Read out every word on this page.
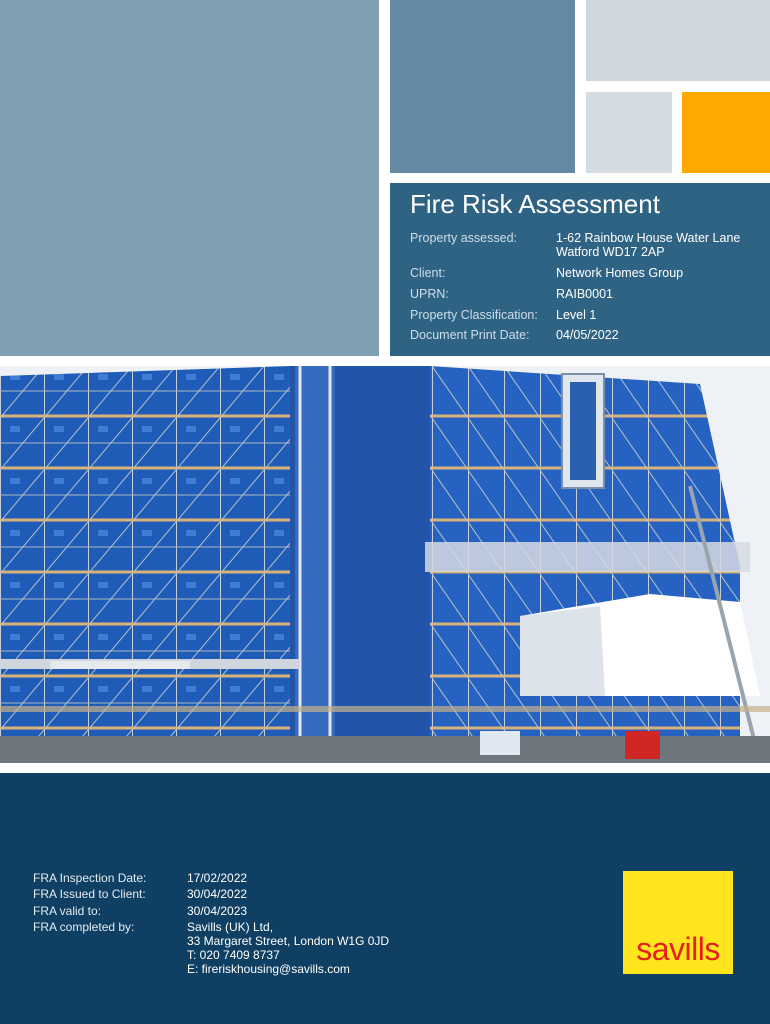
Fire Risk Assessment
Property assessed:	1-62 Rainbow House Water Lane
Watford WD17 2AP
Client:	Network Homes Group
UPRN:	RAIB0001
Property Classification: Level 1
Document Print Date: 04/05/2022
FRA Inspection Date:	17/02/2022
FRA Issued to Client:	30/04/2022
FRA valid to:	30/04/2023
FRA completed by:	Savills (UK) Ltd,
33 Margaret Street, London W1G 0JD
T: 020 7409 8737
E: fireriskhousing@savills.com
savills
